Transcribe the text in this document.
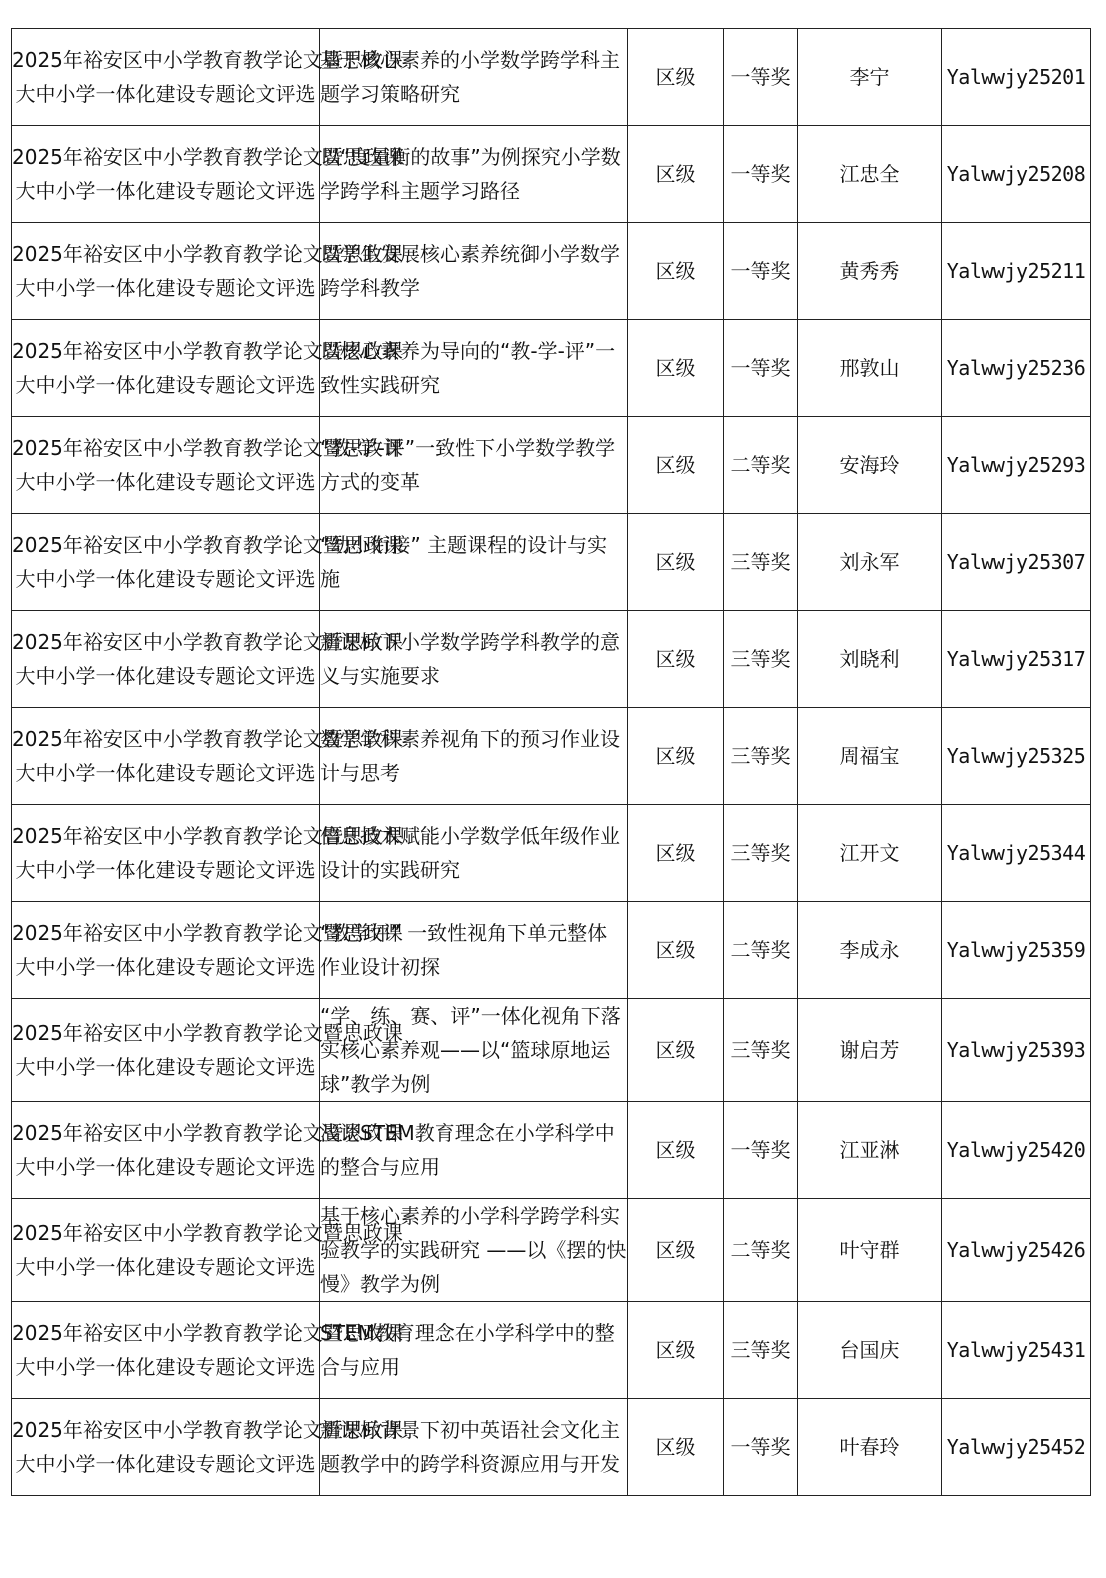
2025年裕安区中小学教育教学论文暨思政课
大中小学一体化建设专题论文评选	基于核心素养的小学数学跨学科主题学习策略研究	区级	一等奖	李宁	Yalwwjy25201

2025年裕安区中小学教育教学论文暨思政课
大中小学一体化建设专题论文评选	以“度量衡的故事”为例探究小学数学跨学科主题学习路径	区级	一等奖	江忠全	Yalwwjy25208

2025年裕安区中小学教育教学论文暨思政课
大中小学一体化建设专题论文评选	以学生发展核心素养统御小学数学跨学科教学	区级	一等奖	黄秀秀	Yalwwjy25211

2025年裕安区中小学教育教学论文暨思政课
大中小学一体化建设专题论文评选	以核心素养为导向的“教-学-评”一致性实践研究	区级	一等奖	邢敦山	Yalwwjy25236

2025年裕安区中小学教育教学论文暨思政课
大中小学一体化建设专题论文评选	“教-学-评”一致性下小学数学教学方式的变革	区级	二等奖	安海玲	Yalwwjy25293

2025年裕安区中小学教育教学论文暨思政课
大中小学一体化建设专题论文评选	“幼小衔接” 主题课程的设计与实施	区级	三等奖	刘永军	Yalwwjy25307

2025年裕安区中小学教育教学论文暨思政课
大中小学一体化建设专题论文评选	新课标下小学数学跨学科教学的意义与实施要求	区级	三等奖	刘晓利	Yalwwjy25317

2025年裕安区中小学教育教学论文暨思政课
大中小学一体化建设专题论文评选	数学学科素养视角下的预习作业设计与思考	区级	三等奖	周福宝	Yalwwjy25325

2025年裕安区中小学教育教学论文暨思政课
大中小学一体化建设专题论文评选	信息技术赋能小学数学低年级作业设计的实践研究	区级	三等奖	江开文	Yalwwjy25344

2025年裕安区中小学教育教学论文暨思政课
大中小学一体化建设专题论文评选	“教学评” 一致性视角下单元整体作业设计初探	区级	二等奖	李成永	Yalwwjy25359

2025年裕安区中小学教育教学论文暨思政课
大中小学一体化建设专题论文评选	“学、练、赛、评”一体化视角下落实核心素养观——以“篮球原地运球”教学为例	区级	三等奖	谢启芳	Yalwwjy25393

2025年裕安区中小学教育教学论文暨思政课
大中小学一体化建设专题论文评选	浅谈STEM教育理念在小学科学中的整合与应用	区级	一等奖	江亚淋	Yalwwjy25420

2025年裕安区中小学教育教学论文暨思政课
大中小学一体化建设专题论文评选	基于核心素养的小学科学跨学科实验教学的实践研究 ——以《摆的快慢》教学为例	区级	二等奖	叶守群	Yalwwjy25426

2025年裕安区中小学教育教学论文暨思政课
大中小学一体化建设专题论文评选	STEM教育理念在小学科学中的整合与应用	区级	三等奖	台国庆	Yalwwjy25431

2025年裕安区中小学教育教学论文暨思政课
大中小学一体化建设专题论文评选	新课标背景下初中英语社会文化主题教学中的跨学科资源应用与开发	区级	一等奖	叶春玲	Yalwwjy25452
